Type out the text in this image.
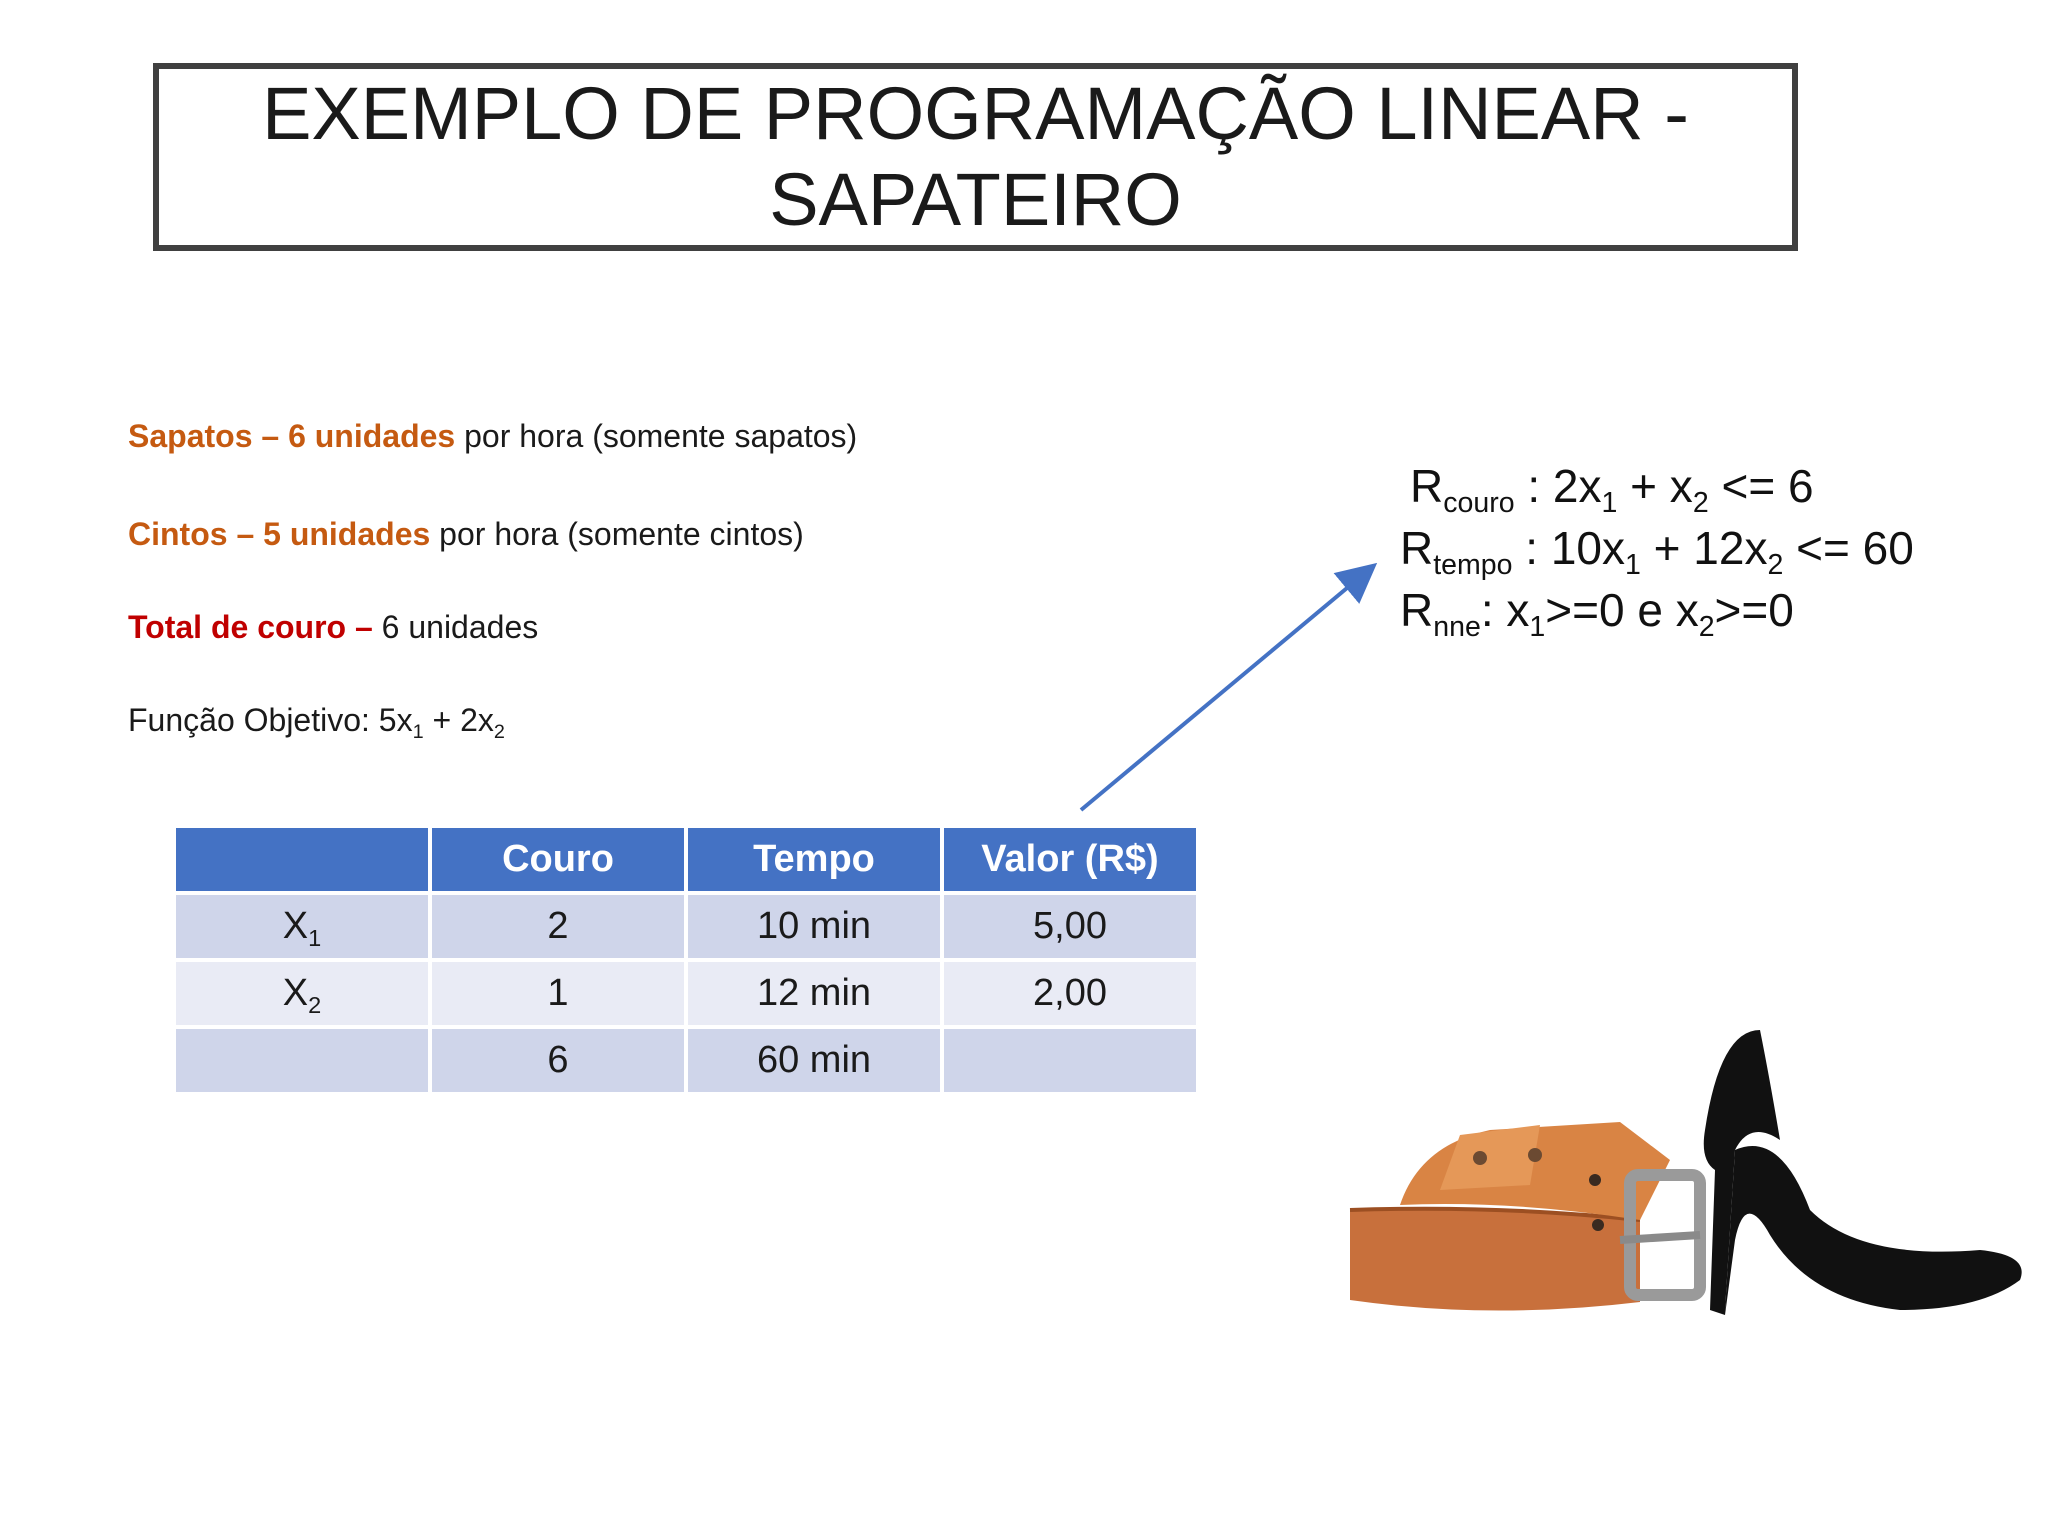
EXEMPLO DE PROGRAMAÇÃO LINEAR -
SAPATEIRO
Sapatos – 6 unidades por hora (somente sapatos)
Cintos – 5 unidades por hora (somente cintos)
Total de couro – 6 unidades
Função Objetivo: $5x_1 + 2x_2$
$R_{couro}$ : $2x_1 + x_2 <= 6$
$R_{tempo}$ : $10x_1 + 12x_2 <= 60$
$R_{nne}$: $x_1>=0$ e $x_2>=0$
	Couro	Tempo	Valor (R$)
$X_1$	2	10 min	5,00
$X_2$	1	12 min	2,00
	6	60 min	
